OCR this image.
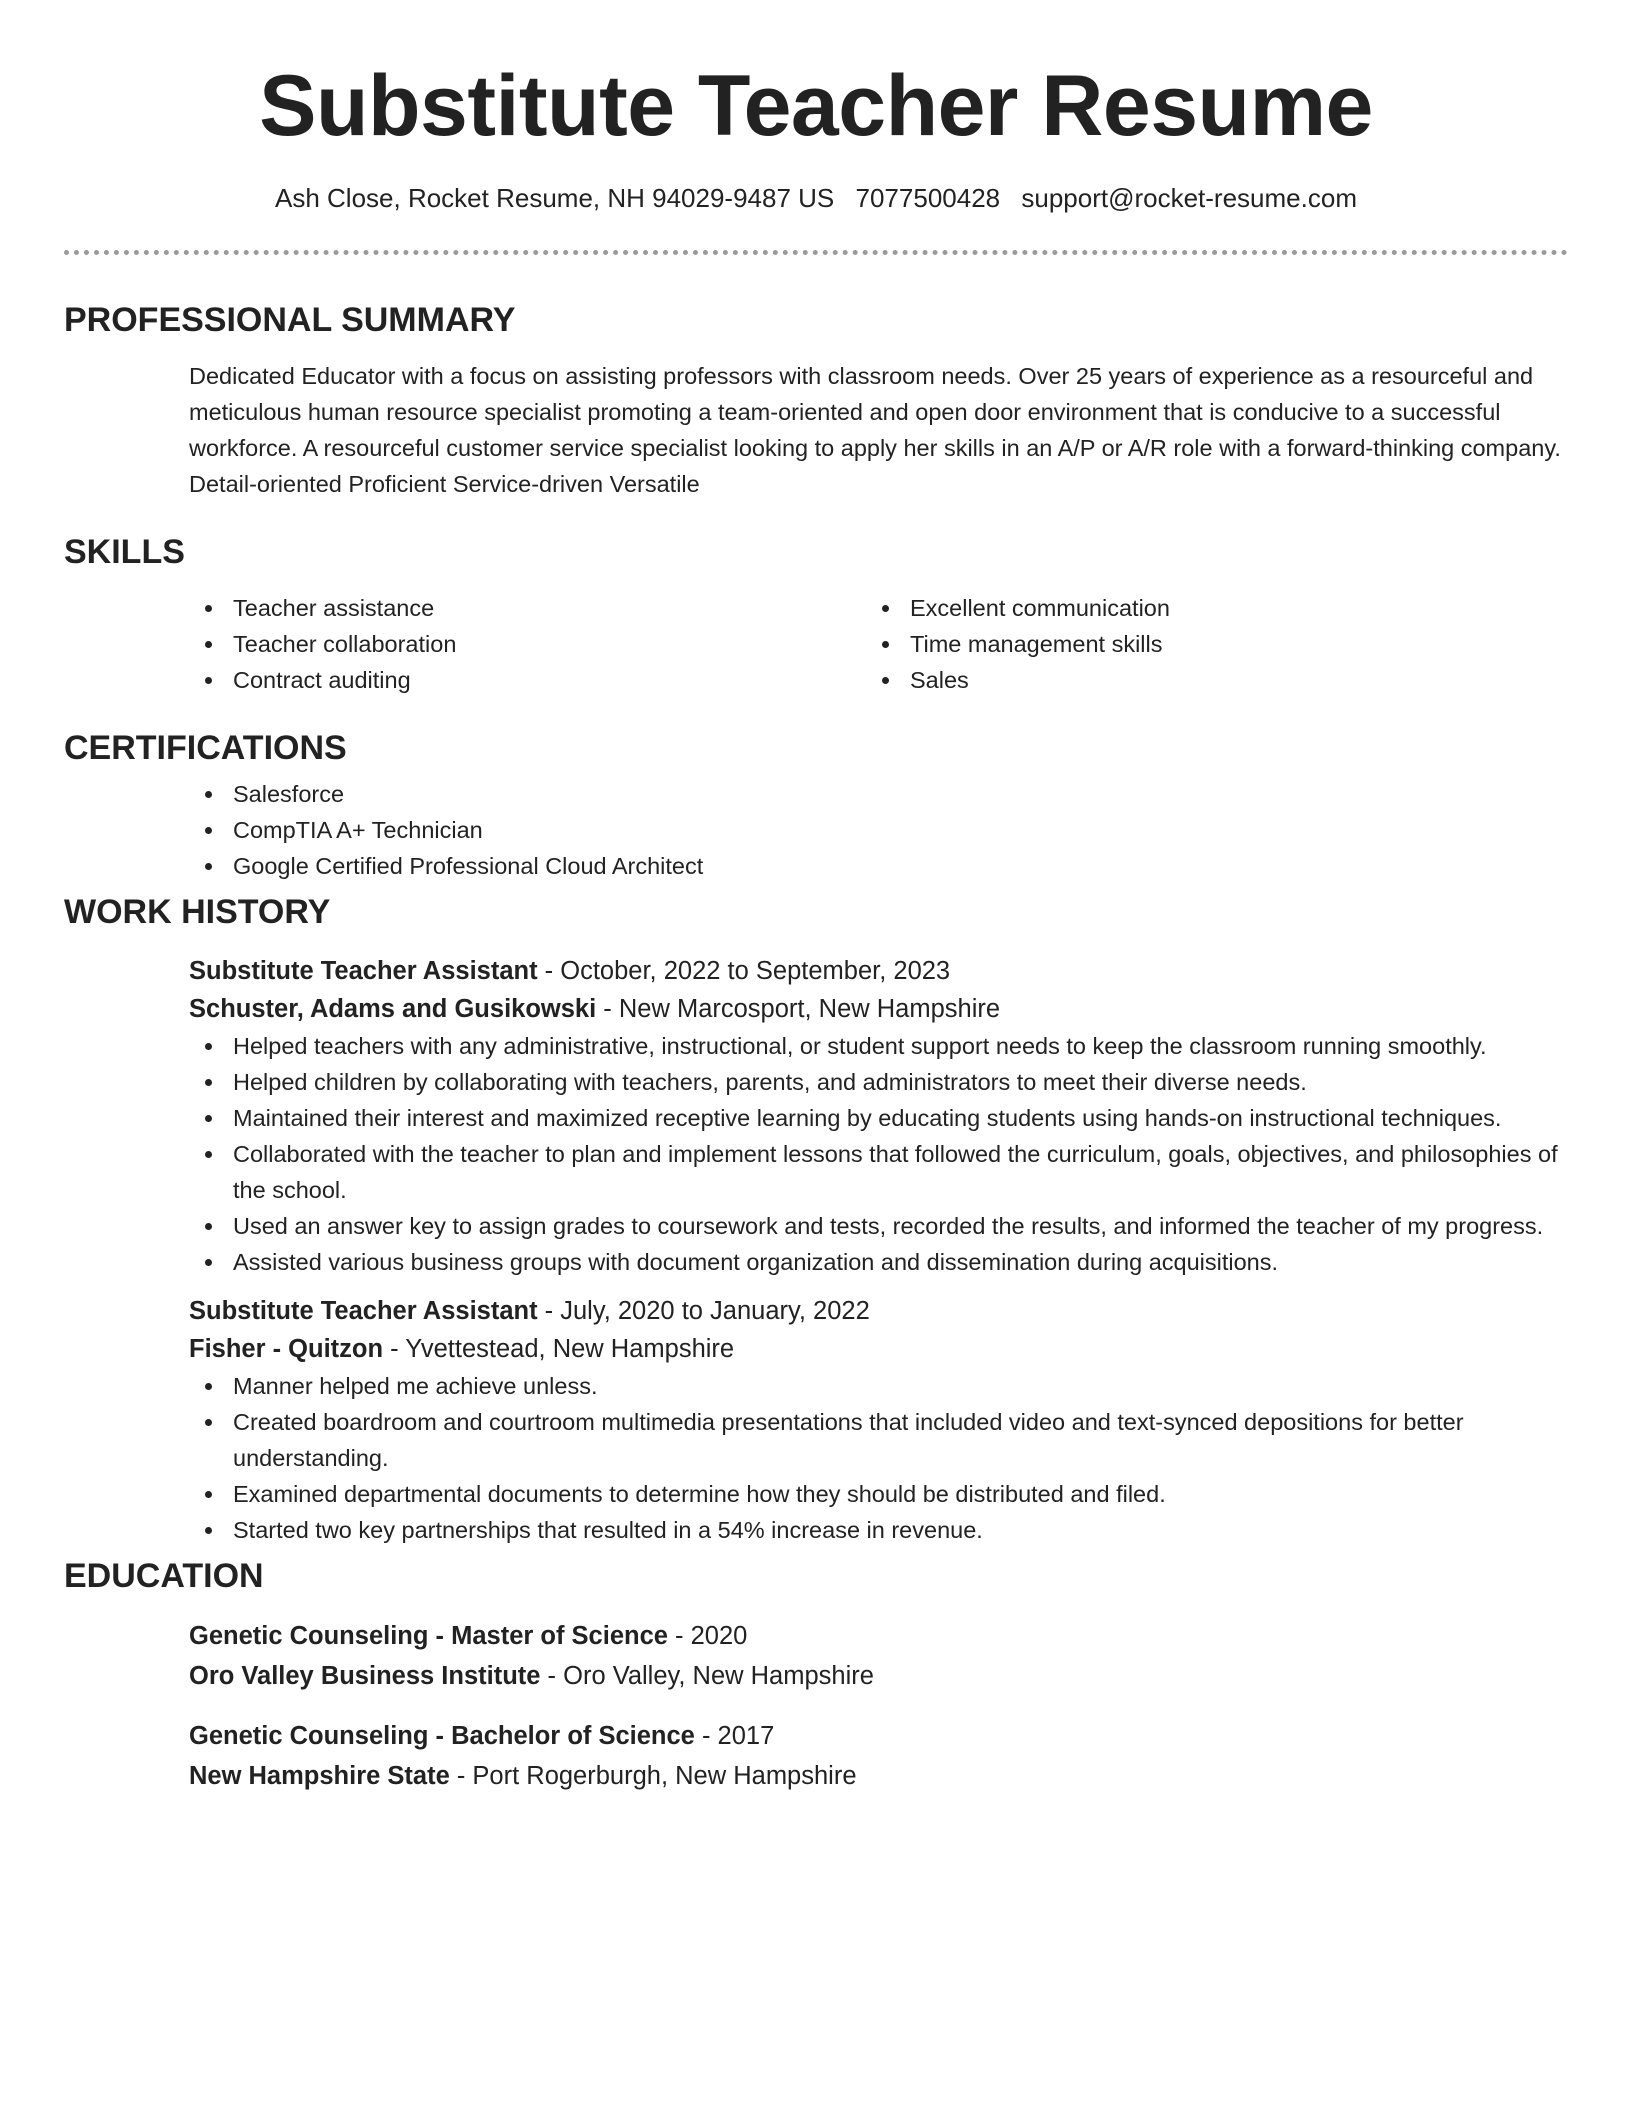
Substitute Teacher Resume
Ash Close, Rocket Resume, NH 94029-9487 US 7077500428 support@rocket-resume.com
PROFESSIONAL SUMMARY

Dedicated Educator with a focus on assisting professors with classroom needs. Over 25 years of experience as a resourceful and meticulous human resource specialist promoting a team-oriented and open door environment that is conducive to a successful workforce. A resourceful customer service specialist looking to apply her skills in an A/P or A/R role with a forward-thinking company. Detail-oriented Proficient Service-driven Versatile

SKILLS
Teacher assistance
Teacher collaboration
Contract auditing
Excellent communication
Time management skills
Sales
CERTIFICATIONS
Salesforce
CompTIA A+ Technician
Google Certified Professional Cloud Architect
WORK HISTORY
Substitute Teacher Assistant - October, 2022 to September, 2023
Schuster, Adams and Gusikowski - New Marcosport, New Hampshire
Helped teachers with any administrative, instructional, or student support needs to keep the classroom running smoothly.
Helped children by collaborating with teachers, parents, and administrators to meet their diverse needs.
Maintained their interest and maximized receptive learning by educating students using hands-on instructional techniques.
Collaborated with the teacher to plan and implement lessons that followed the curriculum, goals, objectives, and philosophies of the school.
Used an answer key to assign grades to coursework and tests, recorded the results, and informed the teacher of my progress.
Assisted various business groups with document organization and dissemination during acquisitions.
Substitute Teacher Assistant - July, 2020 to January, 2022
Fisher - Quitzon - Yvettestead, New Hampshire
Manner helped me achieve unless.
Created boardroom and courtroom multimedia presentations that included video and text-synced depositions for better understanding.
Examined departmental documents to determine how they should be distributed and filed.
Started two key partnerships that resulted in a 54% increase in revenue.
EDUCATION
Genetic Counseling - Master of Science - 2020
Oro Valley Business Institute - Oro Valley, New Hampshire
Genetic Counseling - Bachelor of Science - 2017
New Hampshire State - Port Rogerburgh, New Hampshire
